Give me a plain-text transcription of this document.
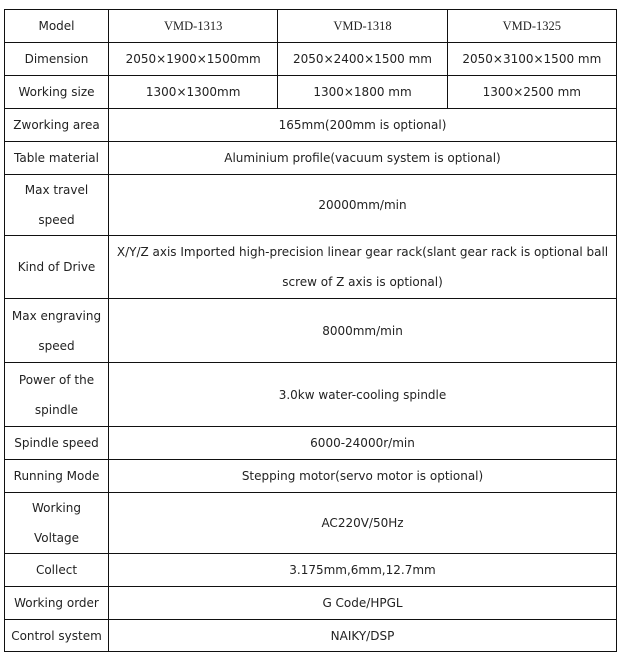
Model	VMD-1313	VMD-1318	VMD-1325
Dimension	2050×1900×1500mm	2050×2400×1500 mm	2050×3100×1500 mm
Working size	1300×1300mm	1300×1800 mm	1300×2500 mm
Zworking area	165mm(200mm is optional)		
Table material	Aluminium profile(vacuum system is optional)		
Max travel speed	20000mm/min		
Kind of Drive	X/Y/Z axis Imported high-precision linear gear rack(slant gear rack is optional ball screw of Z axis is optional)		
Max engraving speed	8000mm/min		
Power of the spindle	3.0kw water-cooling spindle		
Spindle speed	6000-24000r/min		
Running Mode	Stepping motor(servo motor is optional)		
Working Voltage	AC220V/50Hz		
Collect	3.175mm,6mm,12.7mm		
Working order	G Code/HPGL		
Control system	NAIKY/DSP		
